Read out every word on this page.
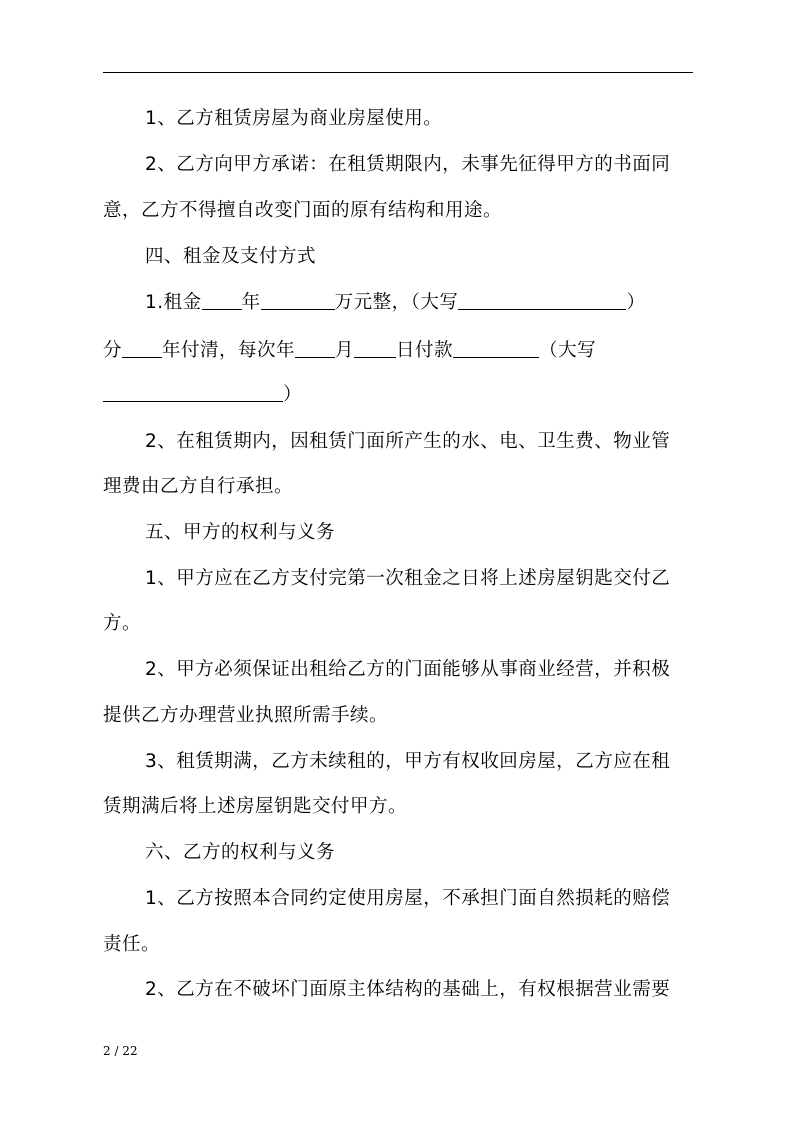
1、乙方租赁房屋为商业房屋使用。
2、乙方向甲方承诺：在租赁期限内，未事先征得甲方的书面同
意，乙方不得擅自改变门面的原有结构和用途。
四、租金及支付方式
1.租金 年	万元整，（大写	）
分 年付清，每次年 月 日付款	（大写
）
2、在租赁期内，因租赁门面所产生的水、电、卫生费、物业管
理费由乙方自行承担。
五、甲方的权利与义务
1、甲方应在乙方支付完第一次租金之日将上述房屋钥匙交付乙
方。
2、甲方必须保证出租给乙方的门面能够从事商业经营，并积极
提供乙方办理营业执照所需手续。
3、租赁期满，乙方未续租的，甲方有权收回房屋，乙方应在租
赁期满后将上述房屋钥匙交付甲方。
六、乙方的权利与义务
1、乙方按照本合同约定使用房屋，不承担门面自然损耗的赔偿
责任。
2、乙方在不破坏门面原主体结构的基础上，有权根据营业需要
2 / 22
